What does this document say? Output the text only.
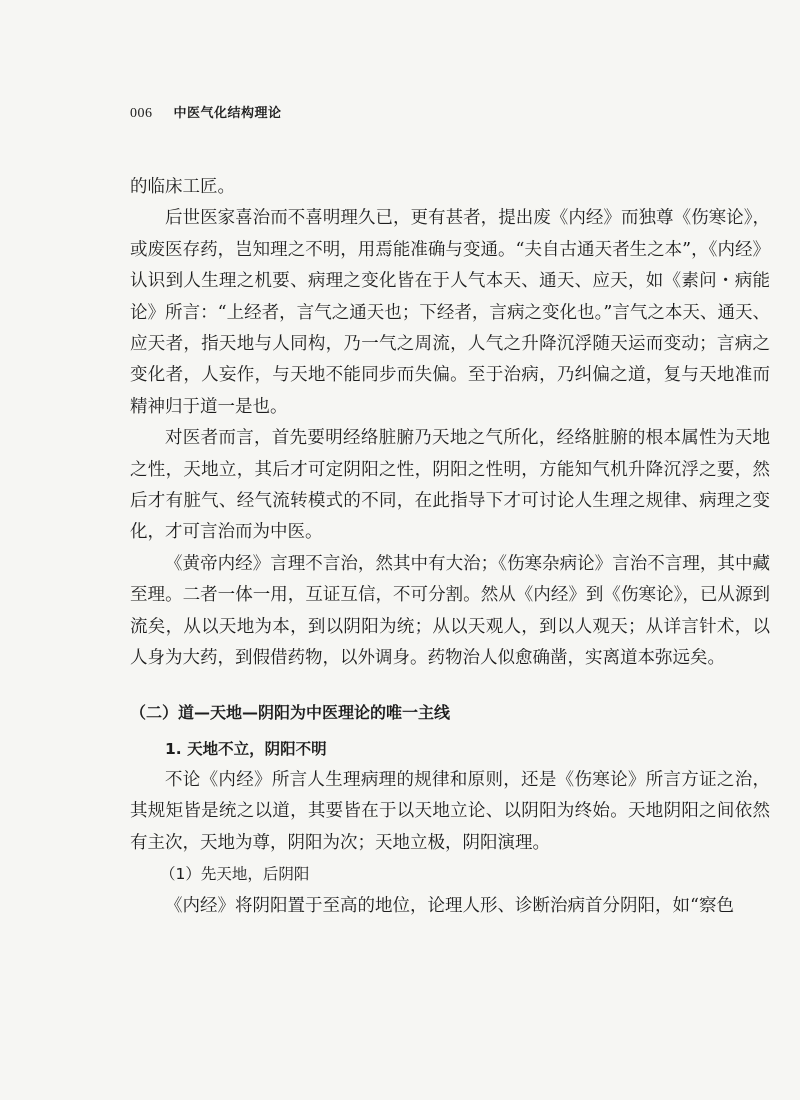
006 中医气化结构理论

的临床工匠。

后世医家喜治而不喜明理久已，更有甚者，提出废《内经》而独尊《伤寒论》，或废医存药，岂知理之不明，用焉能准确与变通。“夫自古通天者生之本”，《内经》认识到人生理之机要、病理之变化皆在于人气本天、通天、应天，如《素问・病能论》所言：“上经者，言气之通天也；下经者，言病之变化也。”言气之本天、通天、应天者，指天地与人同构，乃一气之周流，人气之升降沉浮随天运而变动；言病之变化者，人妄作，与天地不能同步而失偏。至于治病，乃纠偏之道，复与天地准而精神归于道一是也。

对医者而言，首先要明经络脏腑乃天地之气所化，经络脏腑的根本属性为天地之性，天地立，其后才可定阴阳之性，阴阳之性明，方能知气机升降沉浮之要，然后才有脏气、经气流转模式的不同，在此指导下才可讨论人生理之规律、病理之变化，才可言治而为中医。

《黄帝内经》言理不言治，然其中有大治；《伤寒杂病论》言治不言理，其中藏至理。二者一体一用，互证互信，不可分割。然从《内经》到《伤寒论》，已从源到流矣，从以天地为本，到以阴阳为统；从以天观人，到以人观天；从详言针术，以人身为大药，到假借药物，以外调身。药物治人似愈确凿，实离道本弥远矣。

（二）道—天地—阴阳为中医理论的唯一主线
1. 天地不立，阴阳不明

不论《内经》所言人生理病理的规律和原则，还是《伤寒论》所言方证之治，其规矩皆是统之以道，其要皆在于以天地立论、以阴阳为终始。天地阴阳之间依然有主次，天地为尊，阴阳为次；天地立极，阴阳演理。

（1）先天地，后阴阳

《内经》将阴阳置于至高的地位，论理人形、诊断治病首分阴阳，如“察色
